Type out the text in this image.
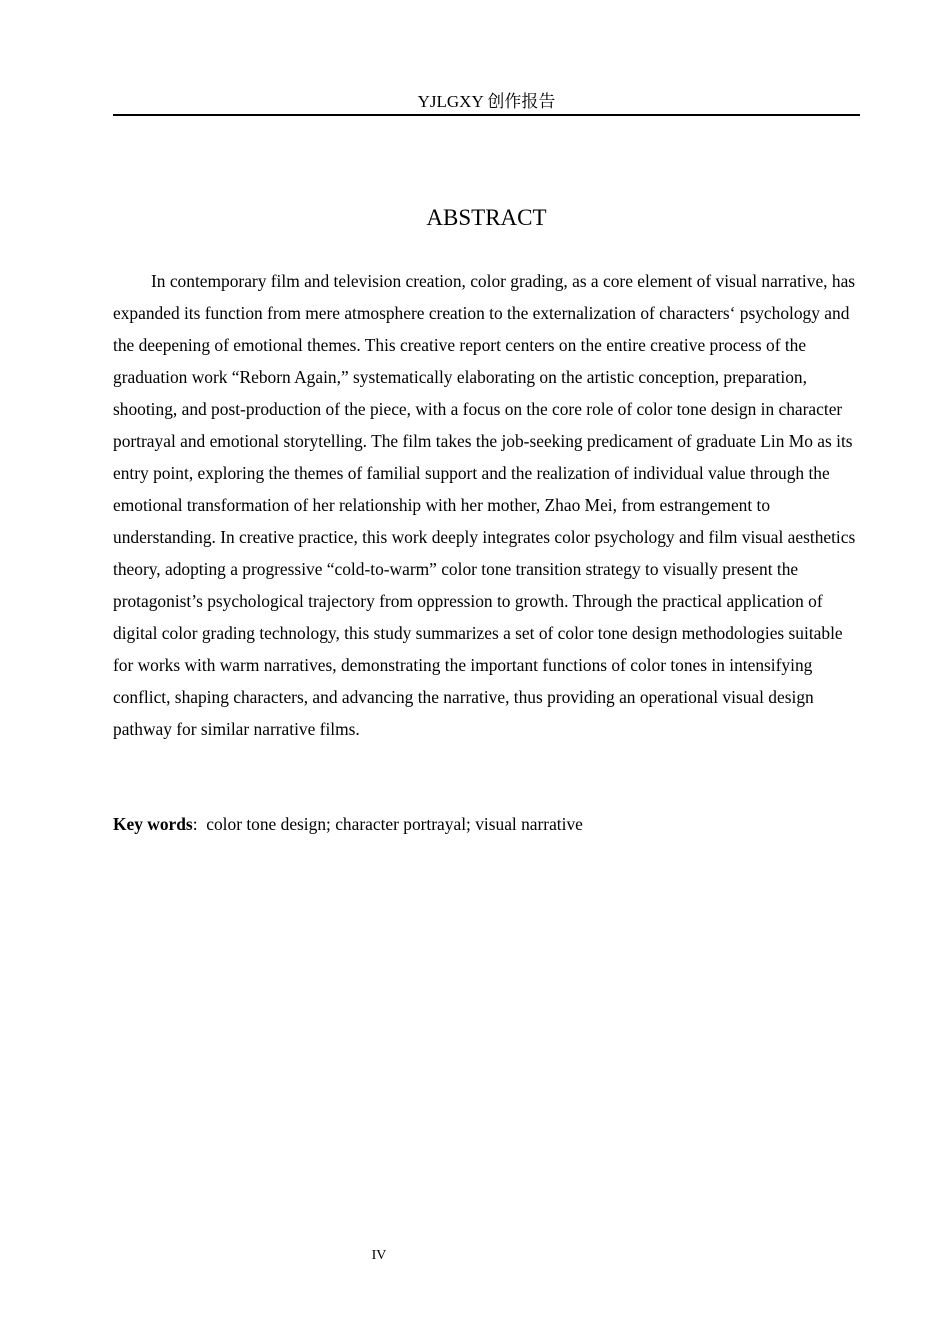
YJLGXY 创作报告
ABSTRACT

In contemporary film and television creation, color grading, as a core element of visual narrative, has expanded its function from mere atmosphere creation to the externalization of characters‘ psychology and the deepening of emotional themes. This creative report centers on the entire creative process of the graduation work “Reborn Again,” systematically elaborating on the artistic conception, preparation, shooting, and post-production of the piece, with a focus on the core role of color tone design in character portrayal and emotional storytelling. The film takes the job-seeking predicament of graduate Lin Mo as its entry point, exploring the themes of familial support and the realization of individual value through the emotional transformation of her relationship with her mother, Zhao Mei, from estrangement to understanding. In creative practice, this work deeply integrates color psychology and film visual aesthetics theory, adopting a progressive “cold-to-warm” color tone transition strategy to visually present the protagonist’s psychological trajectory from oppression to growth. Through the practical application of digital color grading technology, this study summarizes a set of color tone design methodologies suitable for works with warm narratives, demonstrating the important functions of color tones in intensifying conflict, shaping characters, and advancing the narrative, thus providing an operational visual design pathway for similar narrative films.

Key words: color tone design; character portrayal; visual narrative

IV
